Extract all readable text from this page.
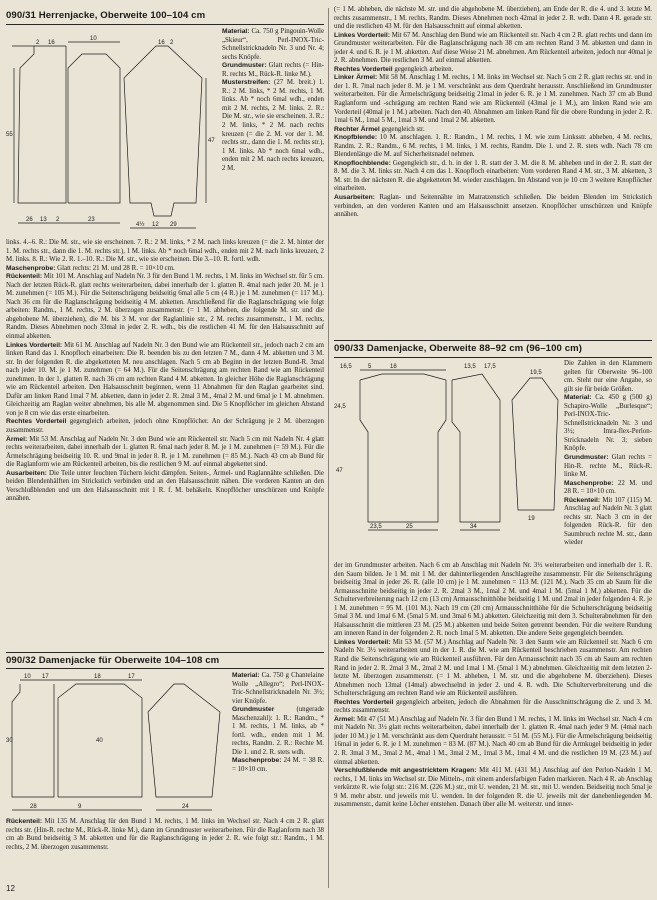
090/31 Herrenjacke, Oberweite 100–104 cm
2 16
10
16 2
55
47
26 13 2	23
4½ 12 29
Material: Ca. 750 g Pingouin-Wolle „Skieur“, Perl-INOX-Tric-Schnellstricknadeln Nr. 3 und Nr. 4; sechs Knöpfe.
Grundmuster: Glatt rechts (= Hin-R. rechts M., Rück-R. linke M.).
Musterstreifen: (27 M. breit.) 1. R.: 2 M. links, * 2 M. rechts, 1 M. links. Ab * noch 6mal wdh., enden mit 2 M. rechts, 2 M. links. 2. R.: Die M. str., wie sie erscheinen. 3. R.: 2 M. links, * 2 M. nach rechts kreuzen (= die 2. M. vor der 1. M. rechts str., dann die 1. M. rechts str.), 1 M. links. Ab * noch 6mal wdh., enden mit 2 M. nach rechts kreuzen, 2 M.
links. 4.–6. R.: Die M. str., wie sie erscheinen. 7. R.: 2 M. links, * 2 M. nach links kreuzen (= die 2. M. hinter der 1. M. rechts str., dann die 1. M. rechts str.), 1 M. links. Ab * noch 6mal wdh., enden mit 2 M. nach links kreuzen, 2 M. links. 8. R.: Wie 2. R. 1.–10. R.: Die M. str., wie sie erscheinen. Die 3.–10. R. fortl. wdh.
Maschenprobe: Glatt rechts: 21 M. und 28 R. = 10×10 cm.
Rückenteil: Mit 101 M. Anschlag auf Nadeln Nr. 3 für den Bund 1 M. rechts, 1 M. links im Wechsel str. für 5 cm. Nach der letzten Rück-R. glatt rechts weiterarbeiten, dabei innerhalb der 1. glatten R. 4mal nach jeder 20. M. je 1 M. zunehmen (= 105 M.). Für die Seitenschrägung beidseitig 6mal alle 5 cm (4 R.) je 1 M. zunehmen (= 117 M.). Nach 36 cm für die Raglanschrägung beidseitig 4 M. abketten. Anschließend für die Raglanschrägung wie folgt arbeiten: Randm., 1 M. rechts, 2 M. überzogen zusammenstr. (= 1 M. abheben, die folgende M. str. und die abgehobene M. überziehen), die M. bis 3 M. vor der Raglanlinie str., 2 M. rechts zusammenstr., 1 M. rechts, Randm. Dieses Abnehmen noch 33mal in jeder 2. R. wdh., bis die restlichen 41 M. für den Halsausschnitt auf einmal abketten.
Linkes Vorderteil: Mit 61 M. Anschlag auf Nadeln Nr. 3 den Bund wie am Rückenteil str., jedoch nach 2 cm am linken Rand das 1. Knopfloch einarbeiten: Die R. beenden bis zu den letzten 7 M., dann 4 M. abketten und 3 M. str. In der folgenden R. die abgeketteten M. neu anschlagen. Nach 5 cm ab Beginn in der letzten Bund-R. 3mal nach jeder 10. M. je 1 M. zunehmen (= 64 M.). Für die Seitenschrägung am rechten Rand wie am Rückenteil zunehmen. In der 1. glatten R. nach 36 cm am rechten Rand 4 M. abketten. In gleicher Höhe die Raglanschrägung wie am Rückenteil arbeiten. Den Halsausschnitt beginnen, wenn 11 Abnahmen für den Raglan gearbeitet sind. Dafür am linken Rand 1mal 7 M. abketten, dann in jeder 2. R. 2mal 3 M., 4mal 2 M. und 6mal je 1 M. abnehmen. Gleichzeitig am Raglan weiter abnehmen, bis alle M. abgenommen sind. Die 5 Knopflöcher im gleichen Abstand von je 8 cm wie das erste einarbeiten.
Rechtes Vorderteil gegengleich arbeiten, jedoch ohne Knopflöcher. An der Schrägung je 2 M. überzogen zusammenstr.
Ärmel: Mit 53 M. Anschlag auf Nadeln Nr. 3 den Bund wie am Rückenteil str. Nach 5 cm mit Nadeln Nr. 4 glatt rechts weiterarbeiten, dabei innerhalb der 1. glatten R. 6mal nach jeder 8. M. je 1 M. zunehmen (= 59 M.). Für die Ärmelschrägung beidseitig 10. R. und 9mal in jeder 8. R. je 1 M. zunehmen (= 85 M.). Nach 43 cm ab Bund für die Raglanform wie am Rückenteil arbeiten, bis die restlichen 9 M. auf einmal abgekettet sind.
Ausarbeiten: Die Teile unter feuchten Tüchern leicht dämpfen. Seiten-, Ärmel- und Raglannähte schließen. Die beiden Blendenhälften im Strickstich verbinden und an den Halsausschnitt nähen. Die vorderen Kanten an den Verschlußblenden und um den Halsausschnitt mit 1 R. f. M. behäkeln. Knopflöcher umschürzen und Knöpfe annähen.
090/32 Damenjacke für Oberweite 104–108 cm
10 17	18	17
30	40
28	9	24
Material: Ca. 750 g Chantelaine Wolle „Allegro“; Perl-INOX-Tric-Schnellstricknadeln Nr. 3½; vier Knöpfe.
Grundmuster (ungerade Maschenzahl): 1. R.: Randm., * 1 M. rechts, 1 M. links, ab * fortl. wdh., enden mit 1 M. rechts, Randm. 2. R.: Rechte M. Die 1. und 2. R. stets wdh.
Maschenprobe: 24 M. = 38 R. = 10×10 cm.
Rückenteil: Mit 135 M. Anschlag für den Bund 1 M. rechts, 1 M. links im Wechsel str. Nach 4 cm 2 R. glatt rechts str. (Hin-R. rechte M., Rück-R. linke M.), dann im Grundmuster weiterarbeiten. Für die Raglanform nach 38 cm ab Bund beidseitig 3 M. abketten und für die Raglanschrägung in jeder 2. R. wie folgt str.: Randm., 1 M. rechts, 2 M. überzogen zusammenstr.
12
(= 1 M. abheben, die nächste M. str. und die abgehobene M. überziehen), am Ende der R. die 4. und 3. letzte M. rechts zusammenstr., 1 M. rechts, Randm. Dieses Abnehmen noch 42mal in jeder 2. R. wdh. Dann 4 R. gerade str. und die restlichen 43 M. für den Halsausschnitt auf einmal abketten.
Linkes Vorderteil: Mit 67 M. Anschlag den Bund wie am Rückenteil str. Nach 4 cm 2 R. glatt rechts und dann im Grundmuster weiterarbeiten. Für die Raglanschrägung nach 38 cm am rechten Rand 3 M. abketten und dann in jeder 4. und 6. R. je 1 M. abketten. Auf diese Weise 21 M. abnehmen. Am Rückenteil arbeiten, jedoch nur 40mal je 2. R. abnehmen. Die restlichen 3 M. auf einmal abketten.
Rechtes Vorderteil gegengleich arbeiten.
Linker Ärmel: Mit 58 M. Anschlag 1 M. rechts, 1 M. links im Wechsel str. Nach 5 cm 2 R. glatt rechts str. und in der 1. R. 7mal nach jeder 8. M. je 1 M. verschränkt aus dem Querdraht herausstr. Anschließend im Grundmuster weiterarbeiten. Für die Ärmelschrägung beidseitig 21mal in jeder 6. R. je 1 M. zunehmen. Nach 37 cm ab Bund Raglanform und -schrägung am rechten Rand wie am Rückenteil (43mal je 1 M.), am linken Rand wie am Vorderteil (40mal je 1 M.) arbeiten. Nach den 40. Abnahmen am linken Rand für die obere Rundung in jeder 2. R. 1mal 6 M., 1mal 5 M., 1mal 3 M. und 1mal 2 M. abketten.
Rechter Ärmel gegengleich str.
Knopfblende: 10 M. anschlagen. 1. R.: Randm., 1 M. rechts, 1 M. wie zum Linksstr. abheben, 4 M. rechts, Randm. 2. R.: Randm., 6 M. rechts, 1 M. links, 1 M. rechts, Randm. Die 1. und 2. R. stets wdh. Nach 78 cm Blendenlänge die M. auf Sicherheitsnadel nehmen.
Knopflochblende: Gegengleich str., d. h. in der 1. R. statt der 3. M. die 8. M. abheben und in der 2. R. statt der 8. M. die 3. M. links str. Nach 4 cm das 1. Knopfloch einarbeiten: Vom vorderen Rand 4 M. str., 3 M. abketten, 3 M. str. In der nächsten R. die abgeketteten M. wieder zuschlagen. Im Abstand von je 10 cm 3 weitere Knopflöcher einarbeiten.
Ausarbeiten: Raglan- und Seitennähte im Matratzenstich schließen. Die beiden Blenden im Strickstich verbinden, an den vorderen Kanten und am Halsausschnitt ansetzen. Knopflöcher umschürzen und Knöpfe annähen.
090/33 Damenjacke, Oberweite 88–92 cm (96–100 cm)
16,5	5	18	13,5 17,5
19,5
24,5
47
23,5	25	34
19
Die Zahlen in den Klammern gelten für Oberweite 96–100 cm. Steht nur eine Angabe, so gilt sie für beide Größen.
Material: Ca. 450 g (500 g) Schapiro-Wolle „Burlesque“; Perl-INOX-Tric-Schnellstricknadeln Nr. 3 und 3½; Imra-flex-Perlon-Stricknadeln Nr. 3; sieben Knöpfe.
Grundmuster: Glatt rechts = Hin-R. rechte M., Rück-R. linke M.
Maschenprobe: 22 M. und 28 R. = 10×10 cm.
Rückenteil: Mit 107 (115) M. Anschlag auf Nadeln Nr. 3 glatt rechts str. Nach 3 cm in der folgenden Rück-R. für den Saumbruch rechte M. str., dann wieder
der im Grundmuster arbeiten. Nach 6 cm ab Anschlag mit Nadeln Nr. 3½ weiterarbeiten und innerhalb der 1. R. den Saum bilden. Je 1 M. mit 1 M. der dahinterliegenden Anschlagreihe zusammenstr. Für die Seitenschrägung beidseitig 3mal in jeder 26. R. (alle 10 cm) je 1 M. zunehmen = 113 M. (121 M.). Nach 35 cm ab Saum für die Armausschnitte beidseitig in jeder 2. R. 2mal 3 M., 1mal 2 M. und 4mal 1 M. (5mal 1 M.) abketten. Für die Schulterverbreiterung nach 12 cm (13 cm) Armausschnitthöhe beidseitig 1 M. und 2mal in jeder folgenden 4. R. je 1 M. zunehmen = 95 M. (101 M.). Nach 19 cm (20 cm) Armausschnitthöhe für die Schulterschrägung beidseitig 5mal 3 M. und 1mal 6 M. (5mal 5 M. und 3mal 6 M.) abketten. Gleichzeitig mit dem 3. Schulterabnehmen für den Halsausschnitt die mittleren 23 M. (25 M.) abketten und beide Seiten getrennt beenden. Für die weitere Rundung am inneren Rand in der folgenden 2. R. noch 1mal 5 M. abketten. Die andere Seite gegengleich beenden.
Linkes Vorderteil: Mit 53 M. (57 M.) Anschlag auf Nadeln Nr. 3 den Saum wie am Rückenteil str. Nach 6 cm Nadeln Nr. 3½ weiterarbeiten und in der 1. R. die M. wie am Rückenteil beschrieben zusammenstr. Am rechten Rand die Seitenschrägung wie am Rückenteil ausführen. Für den Armausschnitt nach 35 cm ab Saum am rechten Rand in jeder 2. R. 2mal 3 M., 2mal 2 M. und 1mal 1 M. (5mal 1 M.) abnehmen. Gleichzeitig mit dem letzten 2-letzte M. überzogen zusammenstr. (= 1 M. abheben, 1 M. str. und die abgehobene M. überziehen). Dieses Abnehmen noch 13mal (14mal) abwechselnd in jeder 2. und 4. R. wdh. Die Schulterverbreiterung und die Schulterschrägung am rechten Rand wie am Rückenteil ausführen.
Rechtes Vorderteil gegengleich arbeiten, jedoch die Abnahmen für die Ausschnittschrägung die 2. und 3. M. rechts zusammenstr.
Ärmel: Mit 47 (51 M.) Anschlag auf Nadeln Nr. 3 für den Bund 1 M. rechts, 1 M. links im Wechsel str. Nach 4 cm mit Nadeln Nr. 3½ glatt rechts weiterarbeiten, dabei innerhalb der 1. glatten R. 4mal nach jeder 9 M. (4mal nach jeder 10 M.) je 1 M. verschränkt aus dem Querdraht herausstr. = 51 M. (55 M.). Für die Ärmelschrägung beidseitig 16mal in jeder 6. R. je 1 M. zunehmen = 83 M. (87 M.). Nach 40 cm ab Bund für die Armkugel beidseitig in jeder 2. R. 3mal 3 M., 3mal 2 M., 4mal 1 M., 3mal 2 M., 1mal 3 M., 1mal 4 M. und die restlichen 19 M. (23 M.) auf einmal abketten.
Verschlußblende mit angestricktem Kragen: Mit 411 M. (431 M.) Anschlag auf den Perlon-Nadeln 1 M. rechts, 1 M. links im Wechsel str. Die Mitteln-, mit einem andersfarbigen Faden markieren. Nach 4 R. ab Anschlag verkürzte R. wie folgt str.: 216 M. (226 M.) str., mit U. wenden, 21 M. str., mit U. wenden. Beidseitig noch 5mal je 9 M. mehr abstr. und jeweils mit U. wenden. In der folgenden R. die U. jeweils mit der danebenliegenden M. zusammenstr., damit keine Löcher entstehen. Danach über alle M. weiterstr. und inner-
